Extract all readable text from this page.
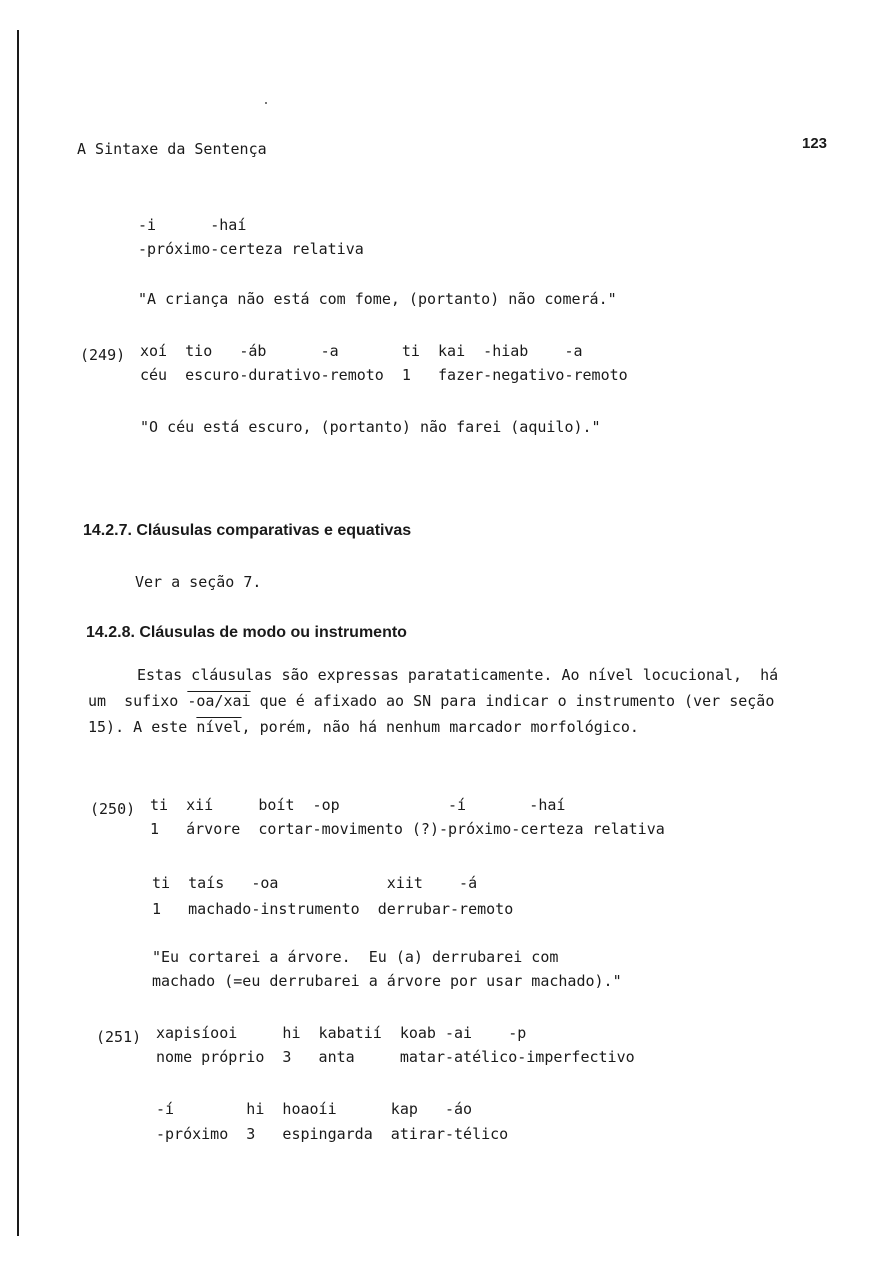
A Sintaxe da Sentença	123
-i      -haí
-próximo-certeza relativa
"A criança não está com fome, (portanto) não comerá."
(249) xoí  tio   -áb      -a       ti  kai  -hiab    -a
céu  escuro-durativo-remoto  1   fazer-negativo-remoto
"O céu está escuro, (portanto) não farei (aquilo)."
14.2.7. Cláusulas comparativas e equativas
Ver a seção 7.
14.2.8. Cláusulas de modo ou instrumento
Estas cláusulas são expressas parataticamente. Ao nível locucional,  há
um  sufixo -oa/xai que é afixado ao SN para indicar o instrumento (ver seção
15). A este nível, porém, não há nenhum marcador morfológico.
(250) ti  xií     boít  -op            -í       -haí
1   árvore  cortar-movimento (?)-próximo-certeza relativa
ti  taís   -oa            xiit    -á
1   machado-instrumento  derrubar-remoto
"Eu cortarei a árvore.  Eu (a) derrubarei com
machado (=eu derrubarei a árvore por usar machado)."
(251) xapisíooi     hi  kabatií  koab -ai    -p
nome próprio  3   anta     matar-atélico-imperfectivo
-í        hi  hoaoíi      kap   -áo
-próximo  3   espingarda  atirar-télico
